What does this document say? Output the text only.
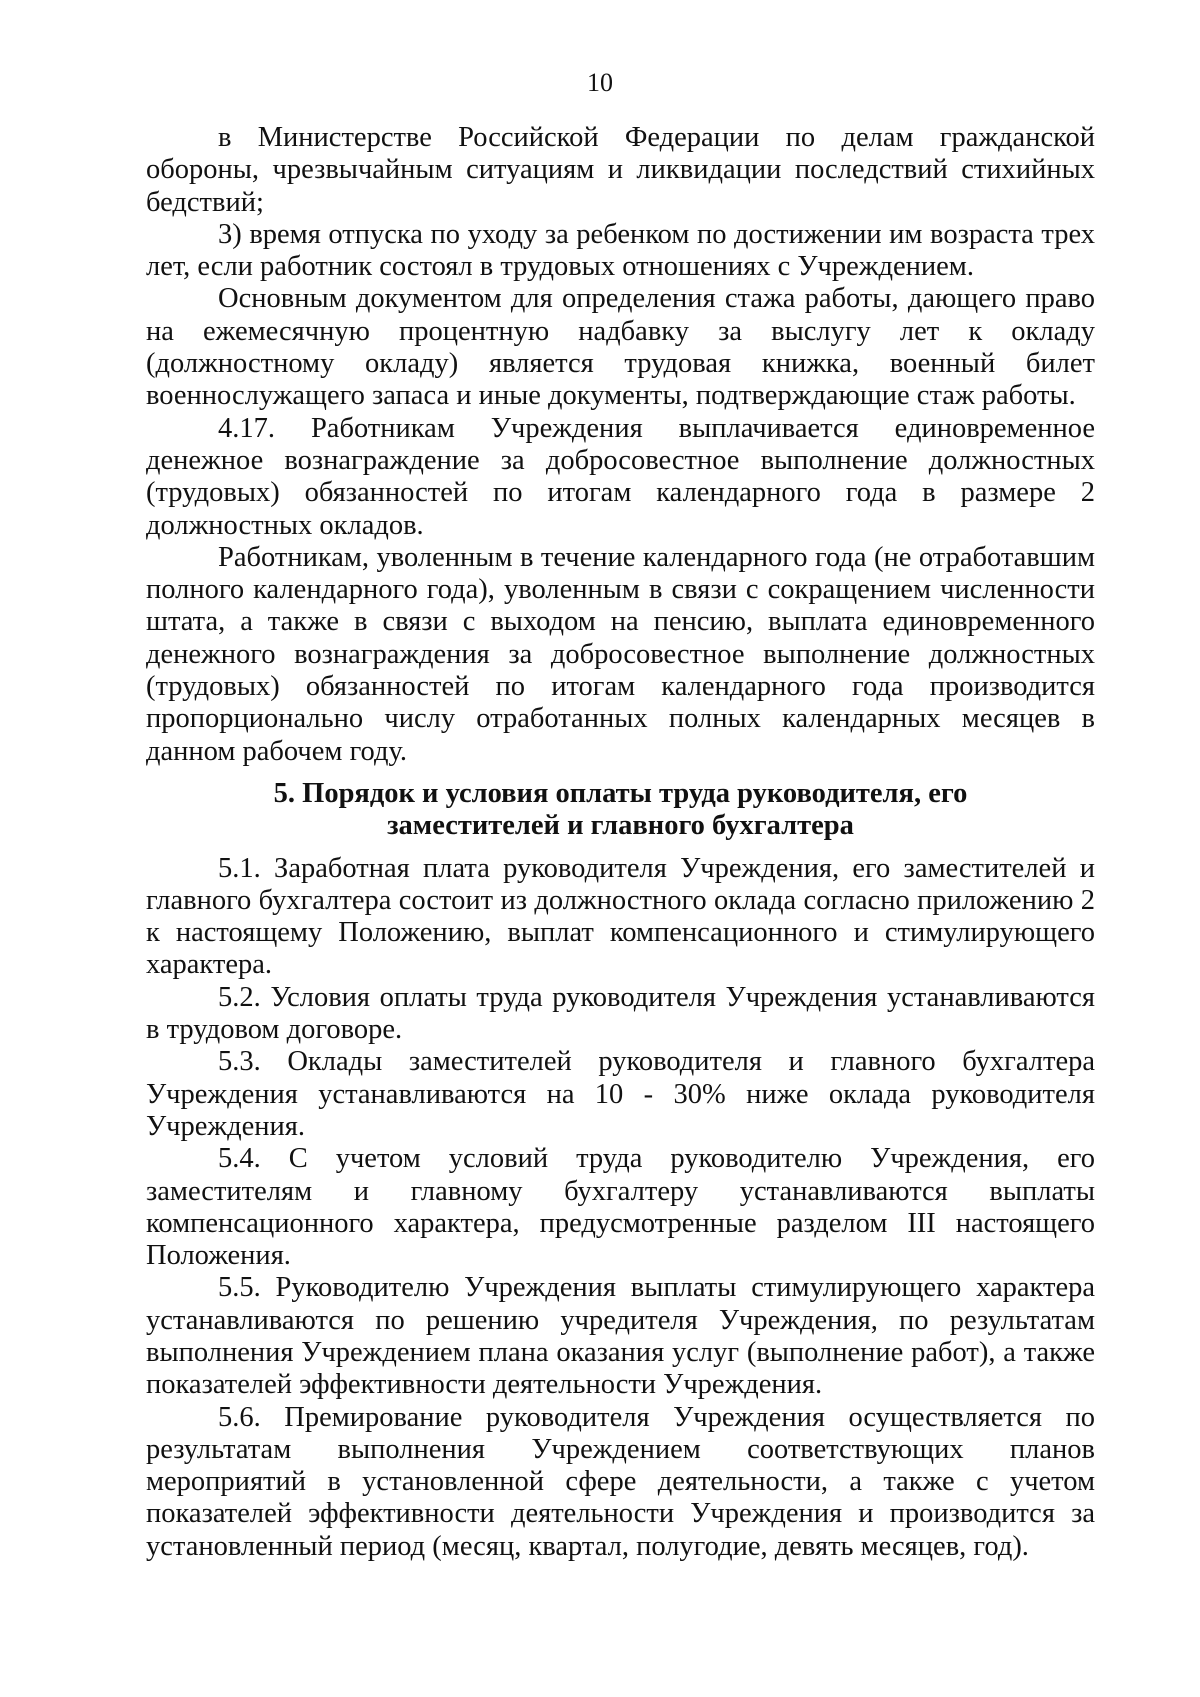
10

в Министерстве Российской Федерации по делам гражданской обороны, чрезвычайным ситуациям и ликвидации последствий стихийных бедствий;

3) время отпуска по уходу за ребенком по достижении им возраста трех лет, если работник состоял в трудовых отношениях с Учреждением.

Основным документом для определения стажа работы, дающего право на ежемесячную процентную надбавку за выслугу лет к окладу (должностному окладу) является трудовая книжка, военный билет военнослужащего запаса и иные документы, подтверждающие стаж работы.

4.17. Работникам Учреждения выплачивается единовременное денежное вознаграждение за добросовестное выполнение должностных (трудовых) обязанностей по итогам календарного года в размере 2 должностных окладов.

Работникам, уволенным в течение календарного года (не отработавшим полного календарного года), уволенным в связи с сокращением численности штата, а также в связи с выходом на пенсию, выплата единовременного денежного вознаграждения за добросовестное выполнение должностных (трудовых) обязанностей по итогам календарного года производится пропорционально числу отработанных полных календарных месяцев в данном рабочем году.

5. Порядок и условия оплаты труда руководителя, его
заместителей и главного бухгалтера

5.1. Заработная плата руководителя Учреждения, его заместителей и главного бухгалтера состоит из должностного оклада согласно приложению 2 к настоящему Положению, выплат компенсационного и стимулирующего характера.

5.2. Условия оплаты труда руководителя Учреждения устанавливаются в трудовом договоре.

5.3. Оклады заместителей руководителя и главного бухгалтера Учреждения устанавливаются на 10 - 30% ниже оклада руководителя Учреждения.

5.4. С учетом условий труда руководителю Учреждения, его заместителям и главному бухгалтеру устанавливаются выплаты компенсационного характера, предусмотренные разделом III настоящего Положения.

5.5. Руководителю Учреждения выплаты стимулирующего характера устанавливаются по решению учредителя Учреждения, по результатам выполнения Учреждением плана оказания услуг (выполнение работ), а также показателей эффективности деятельности Учреждения.

5.6. Премирование руководителя Учреждения осуществляется по результатам выполнения Учреждением соответствующих планов мероприятий в установленной сфере деятельности, а также с учетом показателей эффективности деятельности Учреждения и производится за установленный период (месяц, квартал, полугодие, девять месяцев, год).
